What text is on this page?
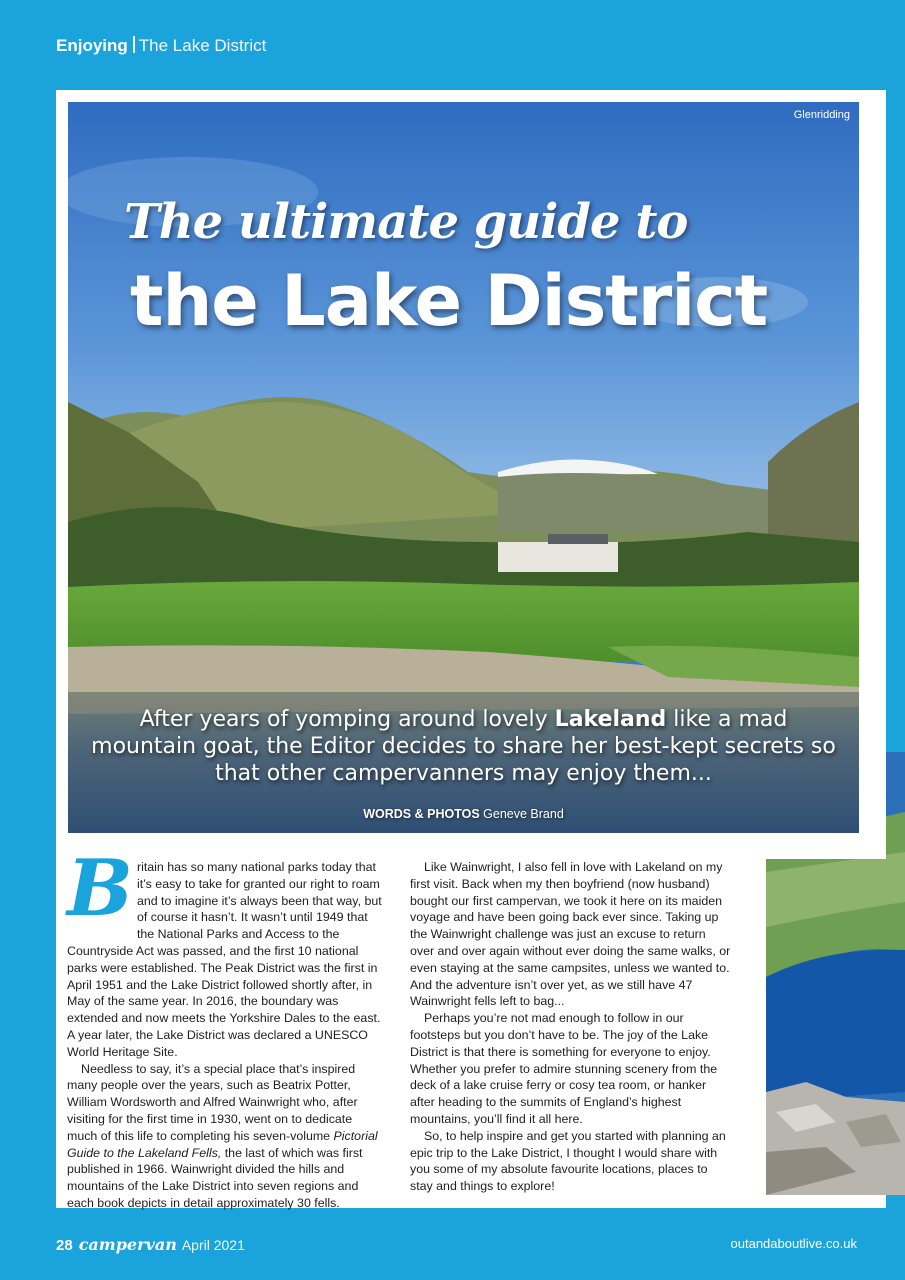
Enjoying The Lake District
Glenridding
The ultimate guide to
the Lake District
After years of yomping around lovely Lakeland like a mad mountain goat, the Editor decides to share her best-kept secrets so that other campervanners may enjoy them...
WORDS & PHOTOS Geneve Brand
B ritain has so many national parks today that it’s easy to take for granted our right to roam and to imagine it’s always been that way, but of course it hasn’t. It wasn’t until 1949 that the National Parks and Access to the Countryside Act was passed, and the first 10 national parks were established. The Peak District was the first in April 1951 and the Lake District followed shortly after, in May of the same year. In 2016, the boundary was extended and now meets the Yorkshire Dales to the east. A year later, the Lake District was declared a UNESCO World Heritage Site.

Needless to say, it’s a special place that’s inspired many people over the years, such as Beatrix Potter, William Wordsworth and Alfred Wainwright who, after visiting for the first time in 1930, went on to dedicate much of this life to completing his seven-volume Pictorial Guide to the Lakeland Fells, the last of which was first published in 1966. Wainwright divided the hills and mountains of the Lake District into seven regions and each book depicts in detail approximately 30 fells.

Like Wainwright, I also fell in love with Lakeland on my first visit. Back when my then boyfriend (now husband) bought our first campervan, we took it here on its maiden voyage and have been going back ever since. Taking up the Wainwright challenge was just an excuse to return over and over again without ever doing the same walks, or even staying at the same campsites, unless we wanted to. And the adventure isn’t over yet, as we still have 47 Wainwright fells left to bag...

Perhaps you’re not mad enough to follow in our footsteps but you don’t have to be. The joy of the Lake District is that there is something for everyone to enjoy. Whether you prefer to admire stunning scenery from the deck of a lake cruise ferry or cosy tea room, or hanker after heading to the summits of England’s highest mountains, you’ll find it all here.

So, to help inspire and get you started with planning an epic trip to the Lake District, I thought I would share with you some of my absolute favourite locations, places to stay and things to explore!

28 campervan April 2021	outandaboutlive.co.uk
